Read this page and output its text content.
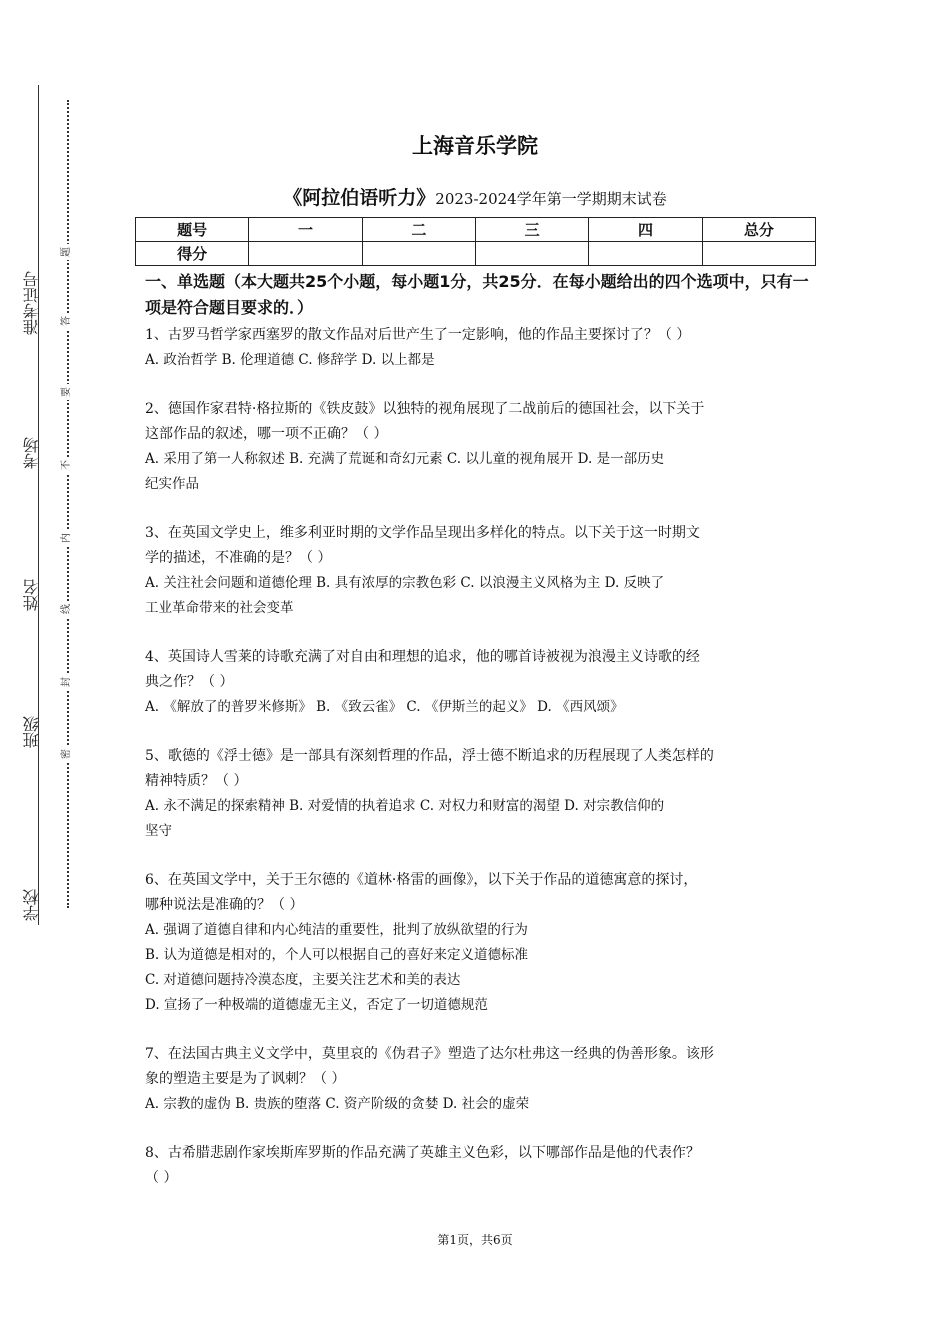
准考证号
考场
姓名
班级
学校
题
答
要
不
内
线
封
密
上海音乐学院
《阿拉伯语听力》2023-2024学年第一学期期末试卷
题号	一	二	三	四	总分
得分					
一、单选题（本大题共25个小题，每小题1分，共25分．在每小题给出的四个选项中，只有一项是符合题目要求的．）

1、古罗马哲学家西塞罗的散文作品对后世产生了一定影响，他的作品主要探讨了？（ ）

A. 政治哲学 B. 伦理道德 C. 修辞学 D. 以上都是

2、德国作家君特·格拉斯的《铁皮鼓》以独特的视角展现了二战前后的德国社会，以下关于

这部作品的叙述，哪一项不正确？（ ）

A. 采用了第一人称叙述 B. 充满了荒诞和奇幻元素 C. 以儿童的视角展开 D. 是一部历史

纪实作品

3、在英国文学史上，维多利亚时期的文学作品呈现出多样化的特点。以下关于这一时期文

学的描述，不准确的是？（ ）

A. 关注社会问题和道德伦理 B. 具有浓厚的宗教色彩 C. 以浪漫主义风格为主 D. 反映了

工业革命带来的社会变革

4、英国诗人雪莱的诗歌充满了对自由和理想的追求，他的哪首诗被视为浪漫主义诗歌的经

典之作？（ ）

A. 《解放了的普罗米修斯》 B. 《致云雀》 C. 《伊斯兰的起义》 D. 《西风颂》

5、歌德的《浮士德》是一部具有深刻哲理的作品，浮士德不断追求的历程展现了人类怎样的

精神特质？（ ）

A. 永不满足的探索精神 B. 对爱情的执着追求 C. 对权力和财富的渴望 D. 对宗教信仰的

坚守

6、在英国文学中，关于王尔德的《道林·格雷的画像》，以下关于作品的道德寓意的探讨，

哪种说法是准确的？（ ）

A. 强调了道德自律和内心纯洁的重要性，批判了放纵欲望的行为

B. 认为道德是相对的，个人可以根据自己的喜好来定义道德标准

C. 对道德问题持冷漠态度，主要关注艺术和美的表达

D. 宣扬了一种极端的道德虚无主义，否定了一切道德规范

7、在法国古典主义文学中，莫里哀的《伪君子》塑造了达尔杜弗这一经典的伪善形象。该形

象的塑造主要是为了讽刺？（ ）

A. 宗教的虚伪 B. 贵族的堕落 C. 资产阶级的贪婪 D. 社会的虚荣

8、古希腊悲剧作家埃斯库罗斯的作品充满了英雄主义色彩，以下哪部作品是他的代表作？

（ ）

第1页，共6页
